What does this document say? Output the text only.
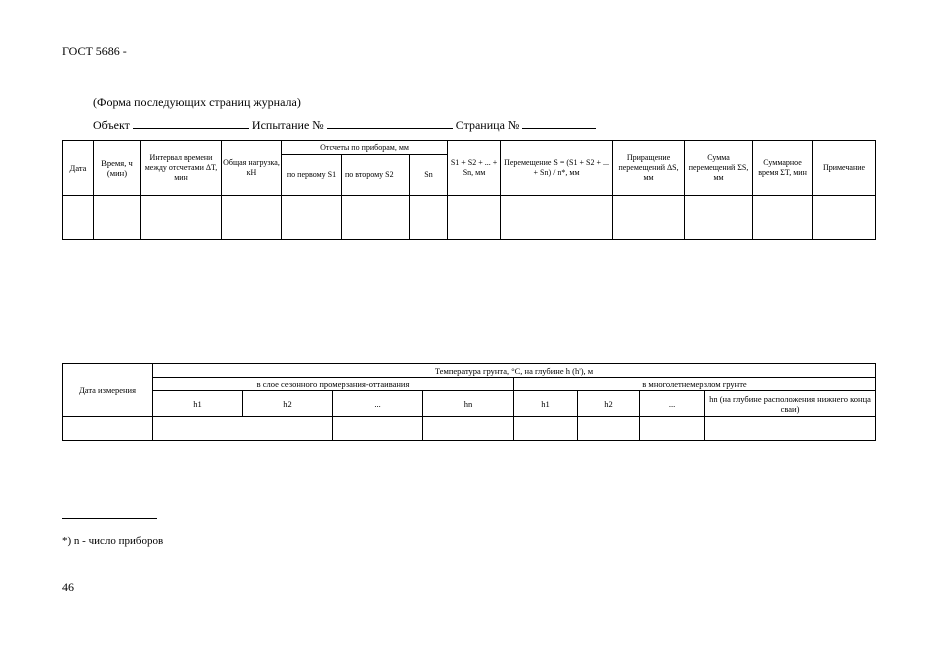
ГОСТ 5686 -
(Форма последующих страниц журнала)
Объект	Испытание №	Страница №
Дата	Время, ч (мин)	Интервал времени между отсчетами ΔT, мин	Общая нагрузка, кН	Отсчеты по приборам, мм			S1 + S2 + ... + Sn, мм	Перемещение S = (S1 + S2 + ... + Sn) / n*, мм	Приращение перемещений ΔS, мм	Сумма перемещений ΣS, мм	Суммарное время ΣT, мин	Примечание
				по первому S1	по второму S2	Sn						

Дата измерения	Температура грунта, °С, на глубине h (h'), м							
	в слое сезонного промерзания-оттаивания				в многолетнемерзлом грунте			
	h1	h2	...	hn	h1	h2	...	hn (на глубине расположения нижнего конца сваи)

*) n - число приборов
46
